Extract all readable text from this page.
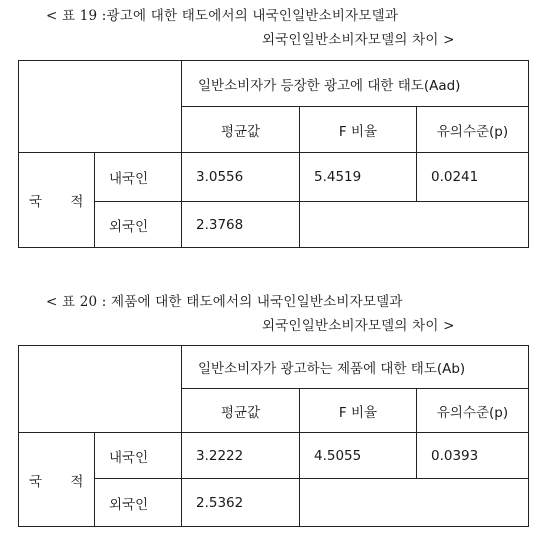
< 표 19 :광고에 대한 태도에서의 내국인일반소비자모델과
외국인일반소비자모델의 차이 >
		일반소비자가 등장한 광고에 대한 태도(Aad)		
		평균값	F 비율	유의수준(p)
국 적	내국인	3.0556	5.4519	0.0241
	외국인	2.3768		
< 표 20 : 제품에 대한 태도에서의 내국인일반소비자모델과
외국인일반소비자모델의 차이 >
		일반소비자가 광고하는 제품에 대한 태도(Ab)		
		평균값	F 비율	유의수준(p)
국 적	내국인	3.2222	4.5055	0.0393
	외국인	2.5362		
